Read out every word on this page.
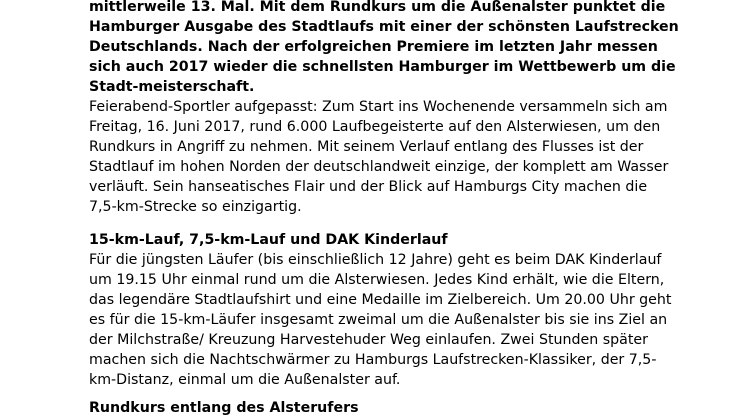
mittlerweile 13. Mal. Mit dem Rundkurs um die Außenalster punktet die
Hamburger Ausgabe des Stadtlaufs mit einer der schönsten Laufstrecken
Deutschlands. Nach der erfolgreichen Premiere im letzten Jahr messen
sich auch 2017 wieder die schnellsten Hamburger im Wettbewerb um die
Stadt-meisterschaft.
Feierabend-Sportler aufgepasst: Zum Start ins Wochenende versammeln sich am
Freitag, 16. Juni 2017, rund 6.000 Laufbegeisterte auf den Alsterwiesen, um den
Rundkurs in Angriff zu nehmen. Mit seinem Verlauf entlang des Flusses ist der
Stadtlauf im hohen Norden der deutschlandweit einzige, der komplett am Wasser
verläuft. Sein hanseatisches Flair und der Blick auf Hamburgs City machen die
7,5-km-Strecke so einzigartig.
15-km-Lauf, 7,5-km-Lauf und DAK Kinderlauf
Für die jüngsten Läufer (bis einschließlich 12 Jahre) geht es beim DAK Kinderlauf
um 19.15 Uhr einmal rund um die Alsterwiesen. Jedes Kind erhält, wie die Eltern,
das legendäre Stadtlaufshirt und eine Medaille im Zielbereich. Um 20.00 Uhr geht
es für die 15-km-Läufer insgesamt zweimal um die Außenalster bis sie ins Ziel an
der Milchstraße/ Kreuzung Harvestehuder Weg einlaufen. Zwei Stunden später
machen sich die Nachtschwärmer zu Hamburgs Laufstrecken-Klassiker, der 7,5-
km-Distanz, einmal um die Außenalster auf.
Rundkurs entlang des Alsterufers
